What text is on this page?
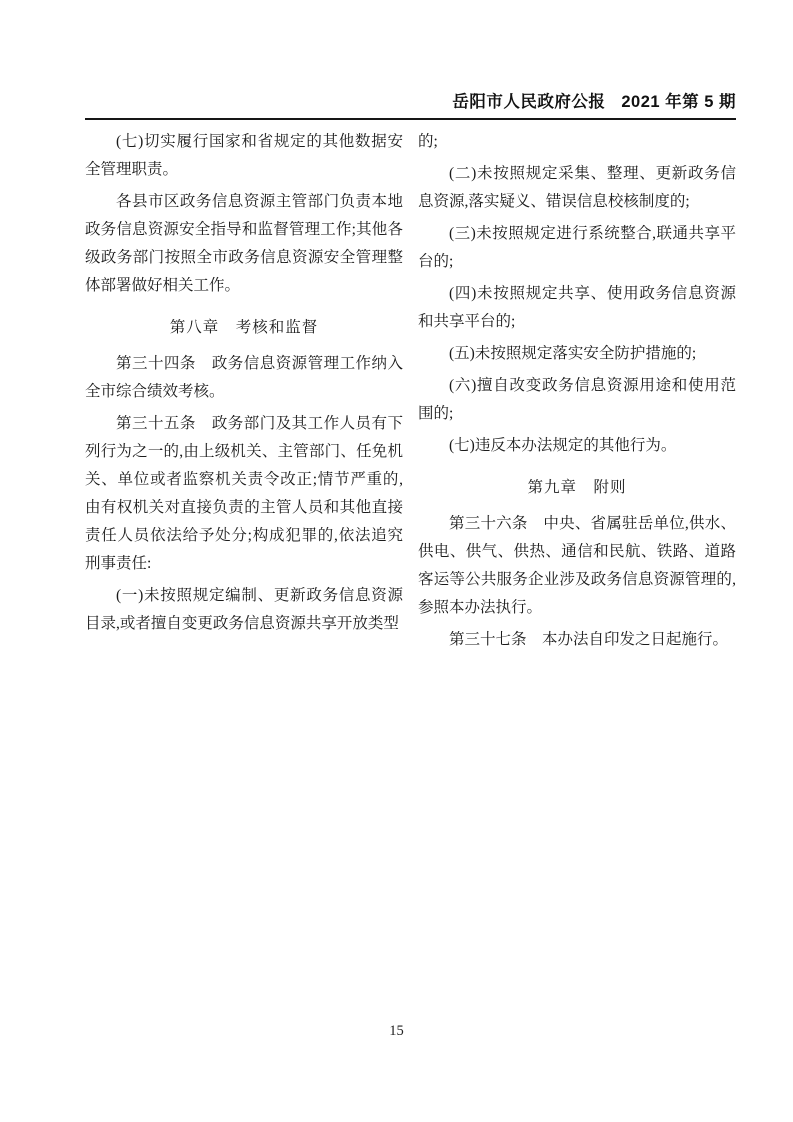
岳阳市人民政府公报 2021 年第 5 期

(七)切实履行国家和省规定的其他数据安全管理职责。

各县市区政务信息资源主管部门负责本地政务信息资源安全指导和监督管理工作;其他各级政务部门按照全市政务信息资源安全管理整体部署做好相关工作。

第八章　考核和监督

第三十四条　政务信息资源管理工作纳入全市综合绩效考核。

第三十五条　政务部门及其工作人员有下列行为之一的,由上级机关、主管部门、任免机关、单位或者监察机关责令改正;情节严重的,由有权机关对直接负责的主管人员和其他直接责任人员依法给予处分;构成犯罪的,依法追究刑事责任:

(一)未按照规定编制、更新政务信息资源目录,或者擅自变更政务信息资源共享开放类型

的;

(二)未按照规定采集、整理、更新政务信息资源,落实疑义、错误信息校核制度的;

(三)未按照规定进行系统整合,联通共享平台的;

(四)未按照规定共享、使用政务信息资源和共享平台的;

(五)未按照规定落实安全防护措施的;

(六)擅自改变政务信息资源用途和使用范围的;

(七)违反本办法规定的其他行为。

第九章　附则

第三十六条　中央、省属驻岳单位,供水、供电、供气、供热、通信和民航、铁路、道路客运等公共服务企业涉及政务信息资源管理的,参照本办法执行。

第三十七条　本办法自印发之日起施行。

15
